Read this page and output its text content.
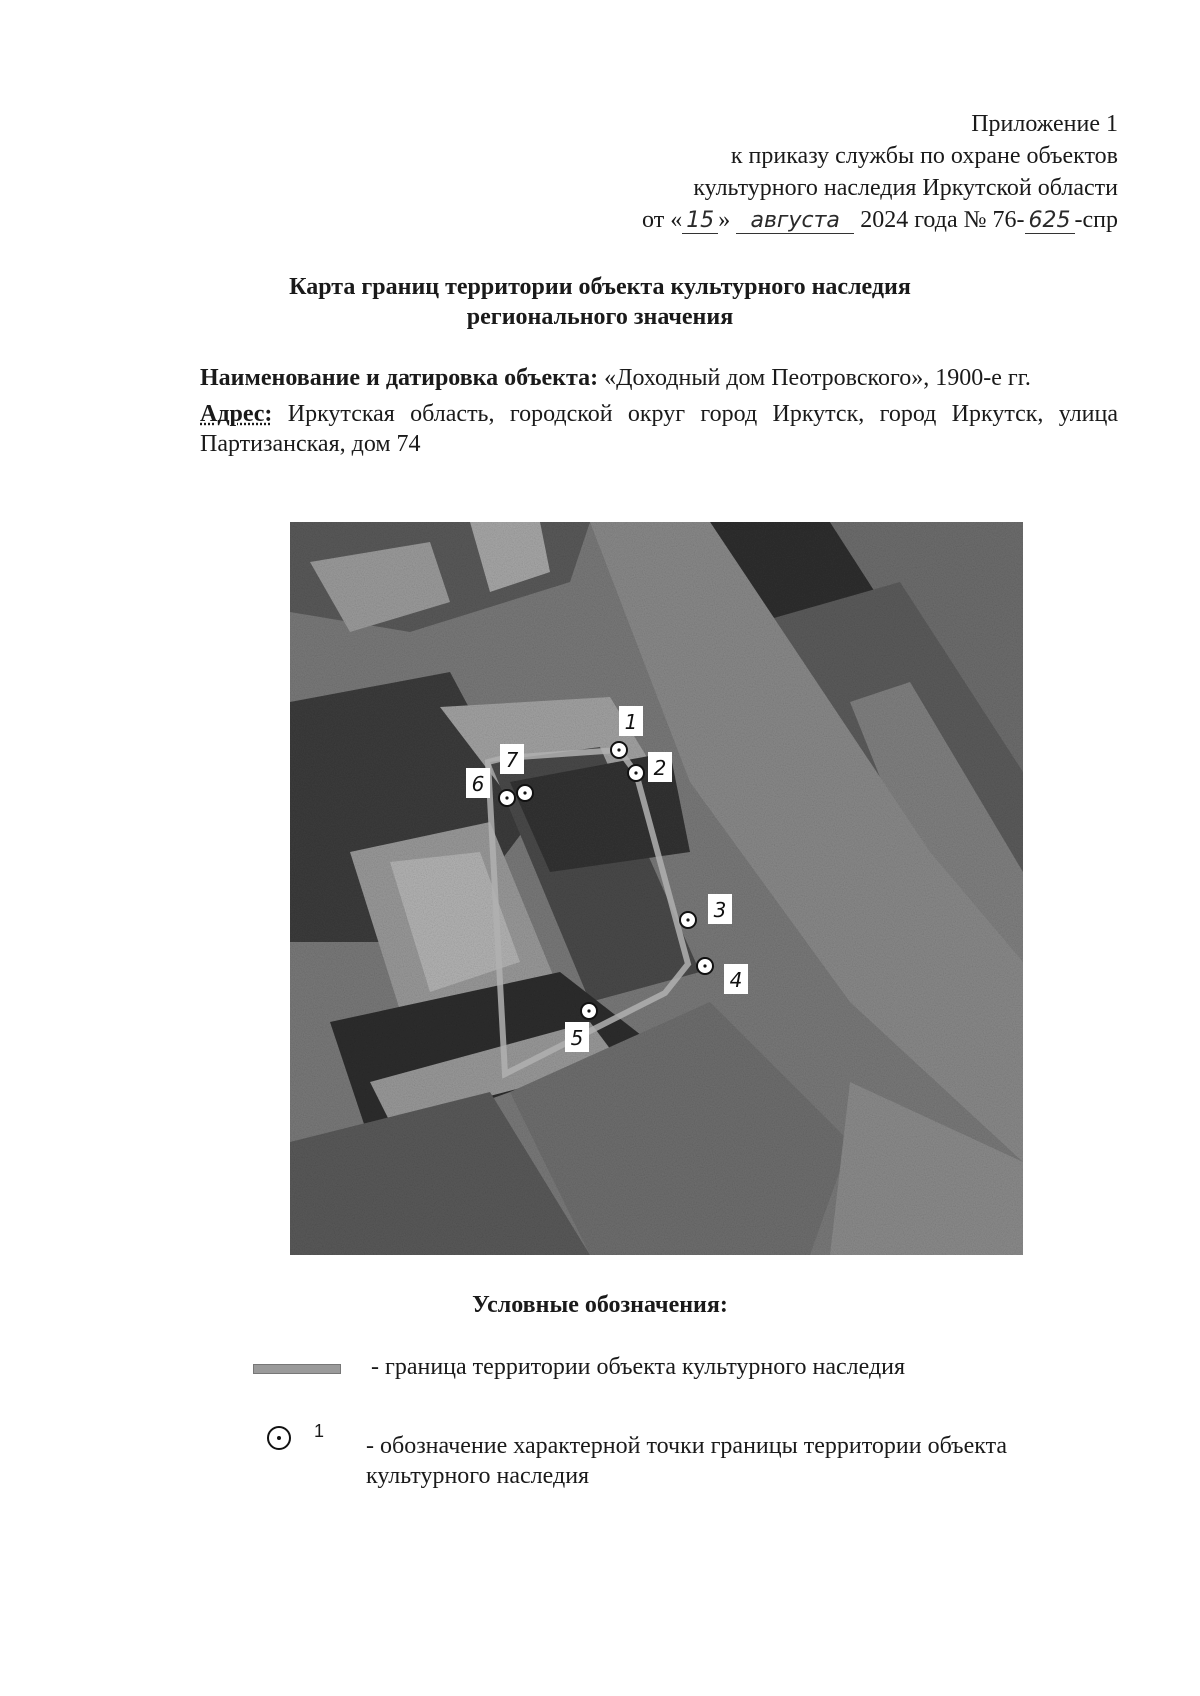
Приложение 1
к приказу службы по охране объектов
культурного наследия Иркутской области
от « 15 » августа 2024 года № 76- 625 -спр
Карта границ территории объекта культурного наследия
регионального значения

Наименование и датировка объекта: «Доходный дом Пеотровского», 1900-е гг.

Адрес: Иркутская область, городской округ город Иркутск, город Иркутск, улица Партизанская, дом 74

1
2
3
4
5
6
7
Условные обозначения:
- граница территории объекта культурного наследия
1
- обозначение характерной точки границы территории объекта культурного наследия
